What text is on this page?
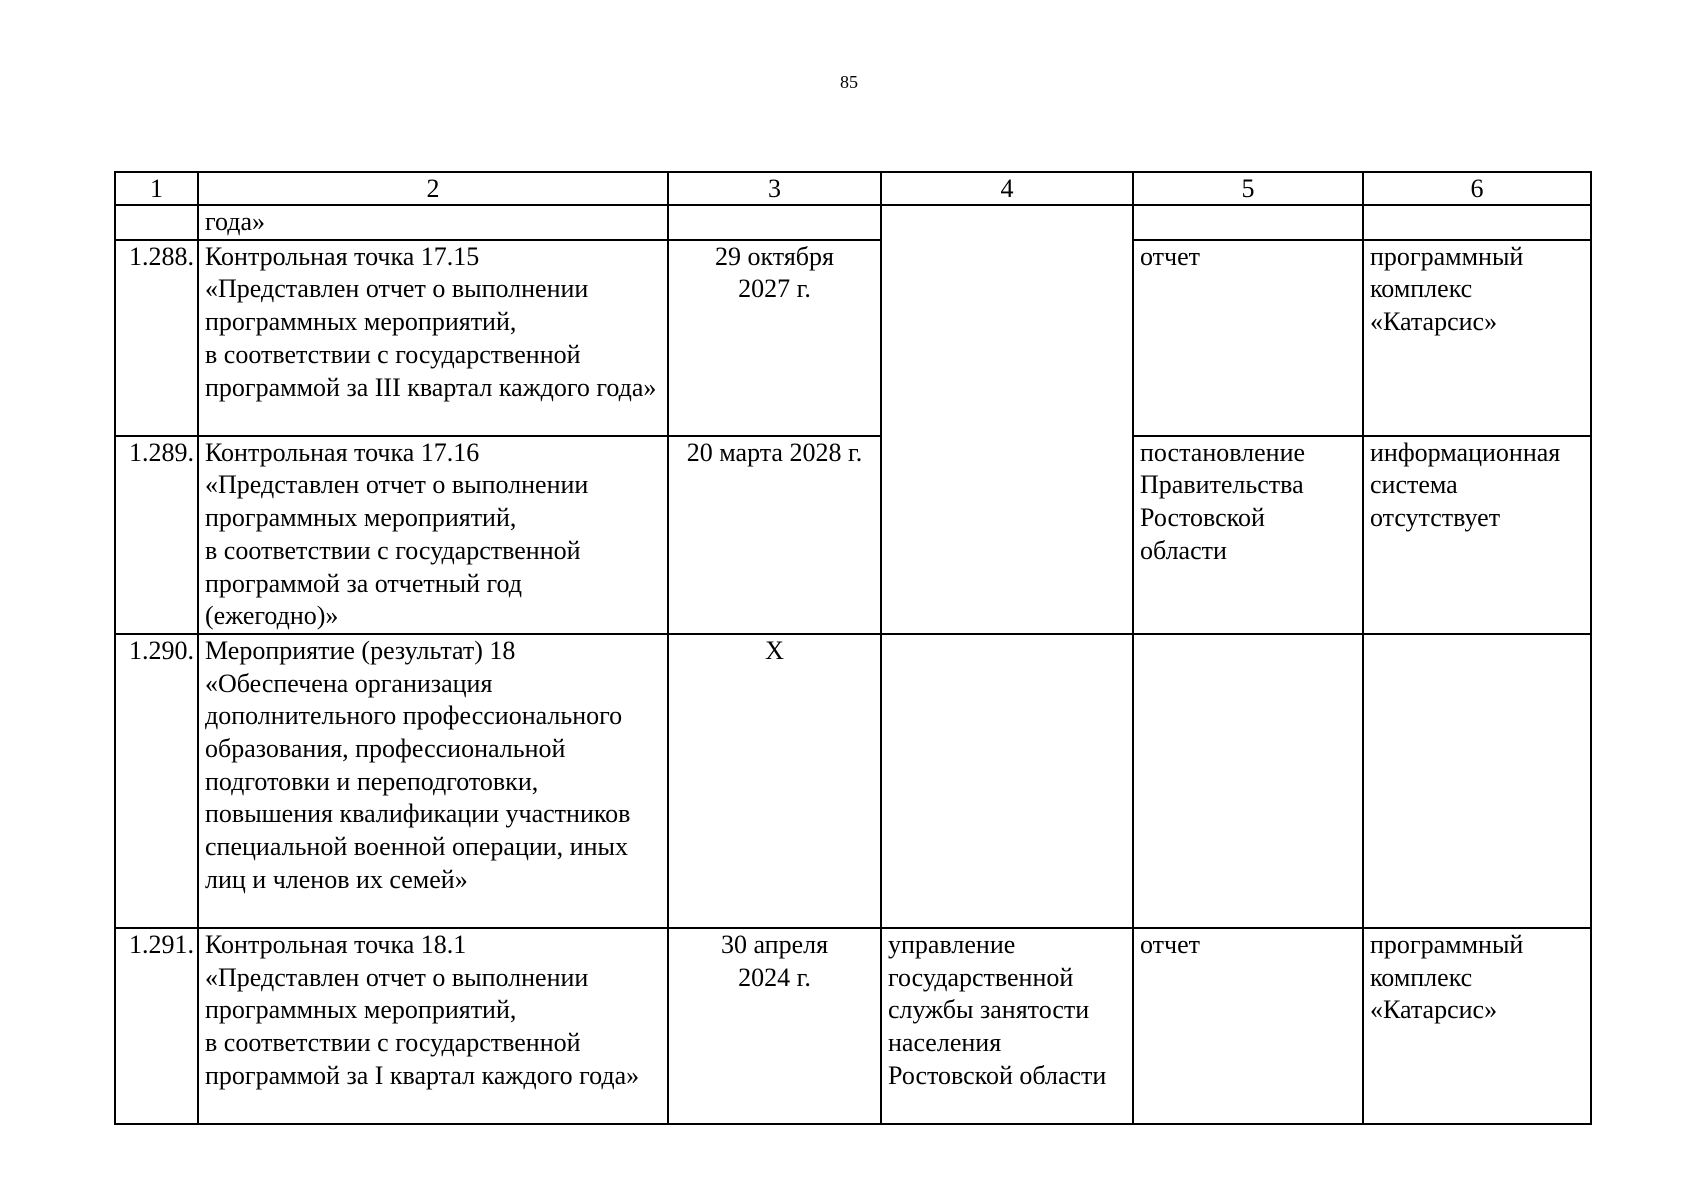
85
1	2	3	4	5	6
	года»				
1.288.	Контрольная точка 17.15
«Представлен отчет о выполнении программных мероприятий,
в соответствии с государственной программой за III квартал каждого года»	29 октября
2027 г.		отчет	программный комплекс «Катарсис»
1.289.	Контрольная точка 17.16
«Представлен отчет о выполнении программных мероприятий,
в соответствии с государственной программой за отчетный год (ежегодно)»	20 марта 2028 г.		постановление Правительства Ростовской области	информационная система отсутствует
1.290.	Мероприятие (результат) 18
«Обеспечена организация дополнительного профессионального образования, профессиональной подготовки и переподготовки, повышения квалификации участников специальной военной операции, иных лиц и членов их семей»	Х			
1.291.	Контрольная точка 18.1
«Представлен отчет о выполнении программных мероприятий,
в соответствии с государственной программой за I квартал каждого года»	30 апреля
2024 г.	управление государственной службы занятости населения Ростовской области	отчет	программный комплекс «Катарсис»
